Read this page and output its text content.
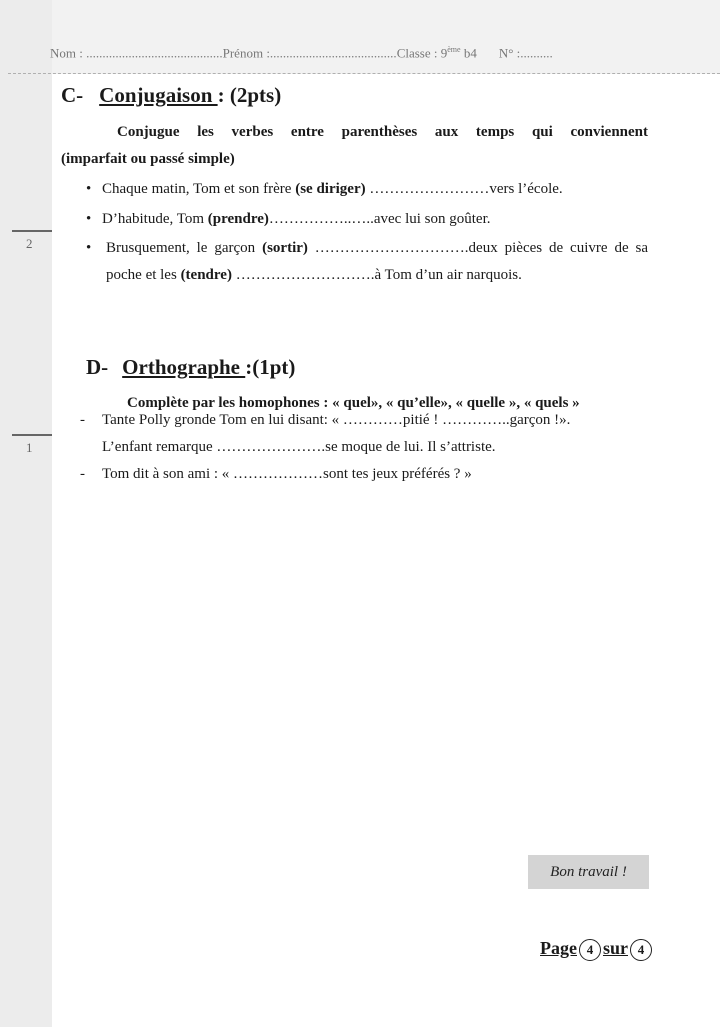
Nom : ..........................................Prénom :.......................................Classe : 9ème b4 N° :..........
2
1
C- Conjugaison : (2pts)
Conjugue les verbes entre parenthèses aux temps qui conviennent
(imparfait ou passé simple)
• Chaque matin, Tom et son frère (se diriger) ……………………vers l’école.
• D’habitude, Tom (prendre)……………..…..avec lui son goûter.
• Brusquement, le garçon (sortir) ………………………….deux pièces de cuivre de sa poche et les (tendre) ……………………….à Tom d’un air narquois.
D- Orthographe :(1pt)
Complète par les homophones : « quel», « qu’elle», « quelle », « quels »
- Tante Polly gronde Tom en lui disant: « …………pitié ! …………..garçon !».
L’enfant remarque ………………….se moque de lui. Il s’attriste.
- Tom dit à son ami : « ………………sont tes jeux préférés ? »
Bon travail !
Page 4 sur 4
